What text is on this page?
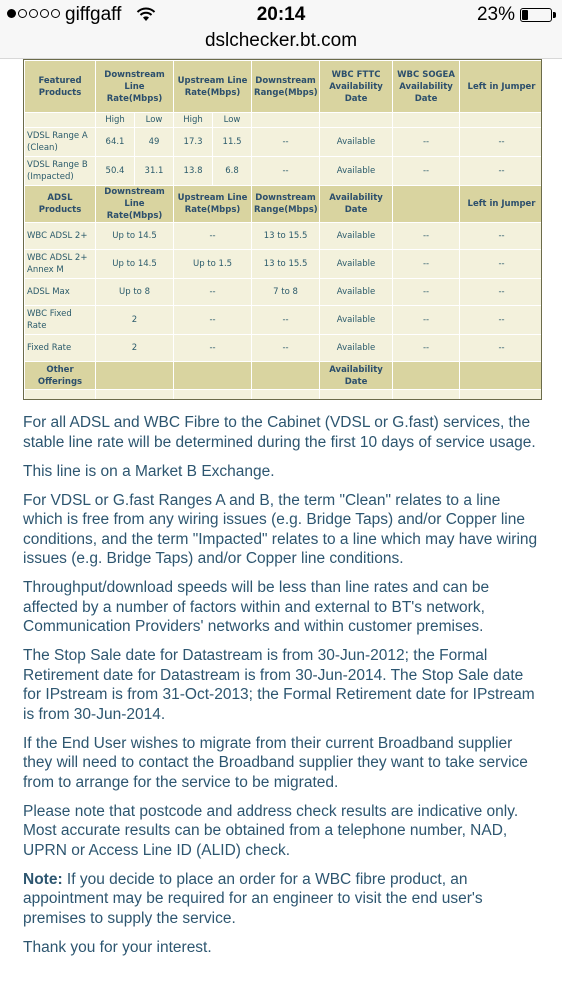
giffgaff	20:14	23%
dslchecker.bt.com
Featured Products	Downstream Line Rate(Mbps)		Upstream Line Rate(Mbps)		Downstream Range(Mbps)	WBC FTTC Availability Date	WBC SOGEA Availability Date	Left in Jumper
	High	Low	High	Low				
VDSL Range A (Clean)	64.1	49	17.3	11.5	--	Available	--	--
VDSL Range B (Impacted)	50.4	31.1	13.8	6.8	--	Available	--	--
ADSL Products	Downstream Line Rate(Mbps)		Upstream Line Rate(Mbps)		Downstream Range(Mbps)	Availability Date		Left in Jumper
WBC ADSL 2+	Up to 14.5		--		13 to 15.5	Available	--	--
WBC ADSL 2+ Annex M	Up to 14.5		Up to 1.5		13 to 15.5	Available	--	--
ADSL Max	Up to 8		--		7 to 8	Available	--	--
WBC Fixed Rate	2		--		--	Available	--	--
Fixed Rate	2		--		--	Available	--	--
Other Offerings						Availability Date		

For all ADSL and WBC Fibre to the Cabinet (VDSL or G.fast) services, the stable line rate will be determined during the first 10 days of service usage.

This line is on a Market B Exchange.

For VDSL or G.fast Ranges A and B, the term "Clean" relates to a line which is free from any wiring issues (e.g. Bridge Taps) and/or Copper line conditions, and the term "Impacted" relates to a line which may have wiring issues (e.g. Bridge Taps) and/or Copper line conditions.

Throughput/download speeds will be less than line rates and can be affected by a number of factors within and external to BT's network, Communication Providers' networks and within customer premises.

The Stop Sale date for Datastream is from 30-Jun-2012; the Formal Retirement date for Datastream is from 30-Jun-2014. The Stop Sale date for IPstream is from 31-Oct-2013; the Formal Retirement date for IPstream is from 30-Jun-2014.

If the End User wishes to migrate from their current Broadband supplier they will need to contact the Broadband supplier they want to take service from to arrange for the service to be migrated.

Please note that postcode and address check results are indicative only. Most accurate results can be obtained from a telephone number, NAD, UPRN or Access Line ID (ALID) check.

Note: If you decide to place an order for a WBC fibre product, an appointment may be required for an engineer to visit the end user's premises to supply the service.

Thank you for your interest.
